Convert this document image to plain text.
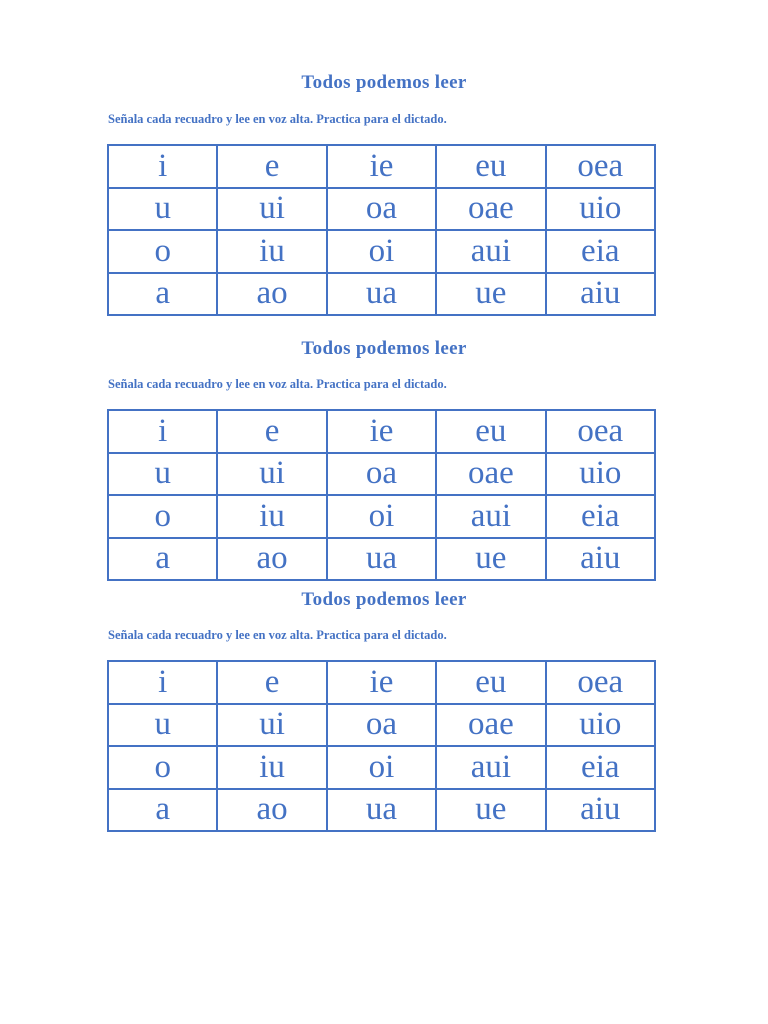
Todos podemos leer
Señala cada recuadro y lee en voz alta. Practica para el dictado.
i	e	ie	eu	oea
u	ui	oa	oae	uio
o	iu	oi	aui	eia
a	ao	ua	ue	aiu
Todos podemos leer
Señala cada recuadro y lee en voz alta. Practica para el dictado.
i	e	ie	eu	oea
u	ui	oa	oae	uio
o	iu	oi	aui	eia
a	ao	ua	ue	aiu
Todos podemos leer
Señala cada recuadro y lee en voz alta. Practica para el dictado.
i	e	ie	eu	oea
u	ui	oa	oae	uio
o	iu	oi	aui	eia
a	ao	ua	ue	aiu
